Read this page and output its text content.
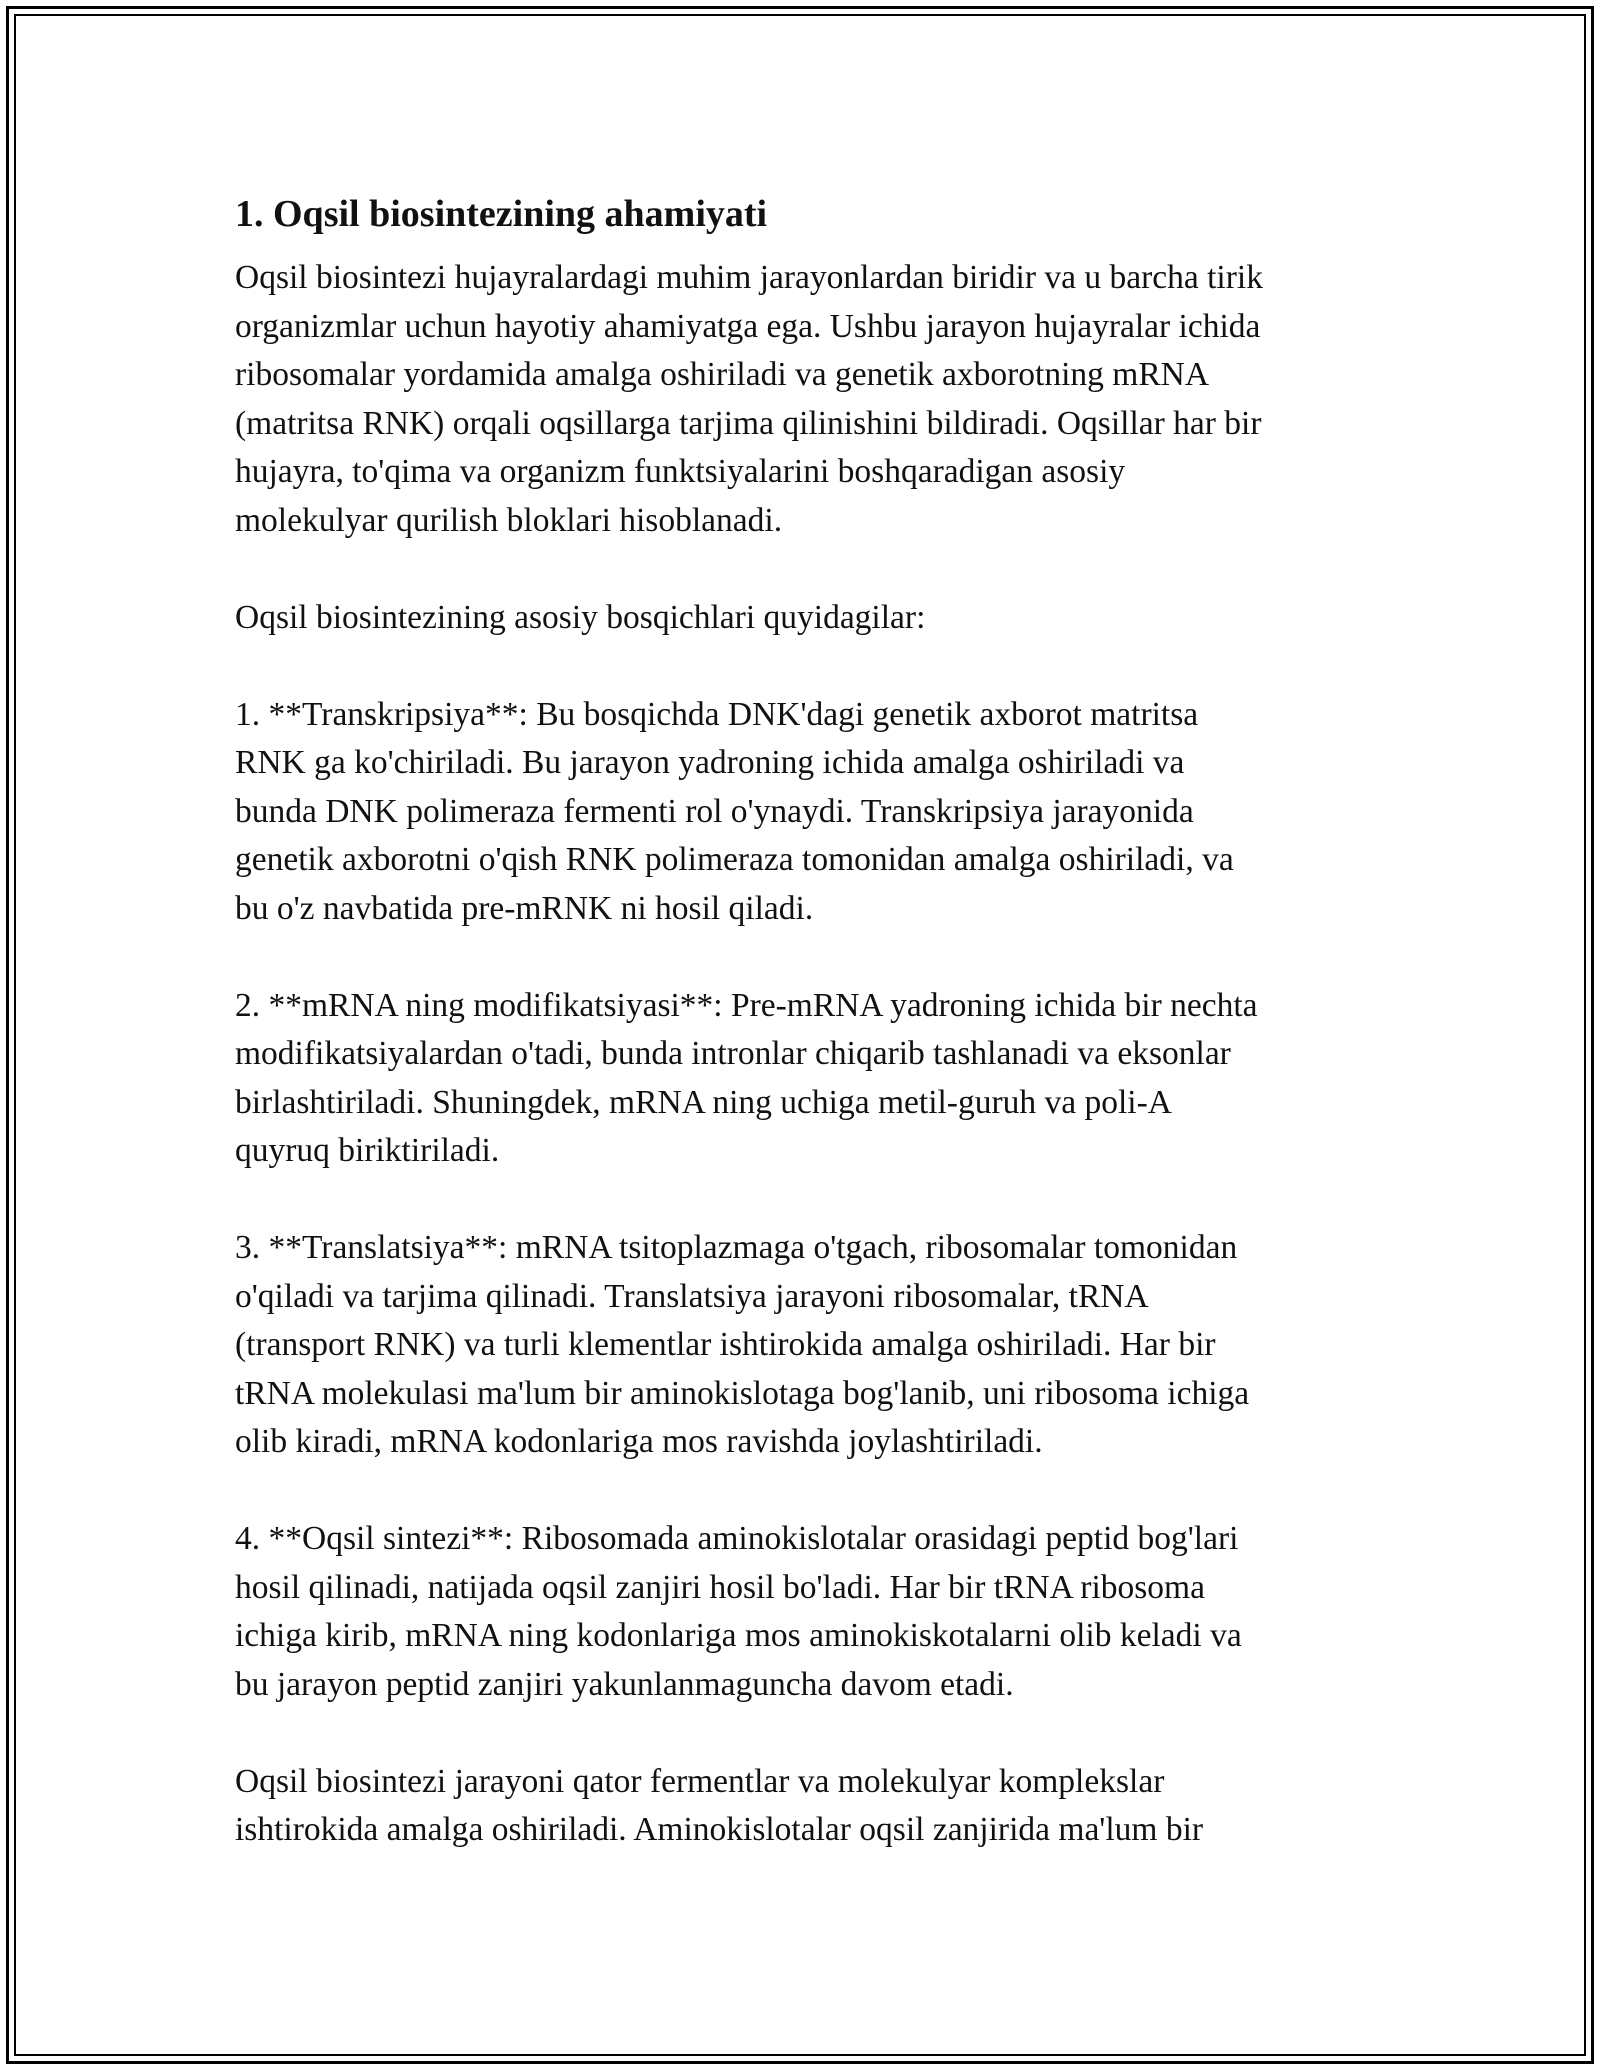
1. Oqsil biosintezining ahamiyati

Oqsil biosintezi hujayralardagi muhim jarayonlardan biridir va u barcha tirik
organizmlar uchun hayotiy ahamiyatga ega. Ushbu jarayon hujayralar ichida
ribosomalar yordamida amalga oshiriladi va genetik axborotning mRNA
(matritsa RNK) orqali oqsillarga tarjima qilinishini bildiradi. Oqsillar har bir
hujayra, to'qima va organizm funktsiyalarini boshqaradigan asosiy
molekulyar qurilish bloklari hisoblanadi.

Oqsil biosintezining asosiy bosqichlari quyidagilar:

1. **Transkripsiya**: Bu bosqichda DNK'dagi genetik axborot matritsa
RNK ga ko'chiriladi. Bu jarayon yadroning ichida amalga oshiriladi va
bunda DNK polimeraza fermenti rol o'ynaydi. Transkripsiya jarayonida
genetik axborotni o'qish RNK polimeraza tomonidan amalga oshiriladi, va
bu o'z navbatida pre-mRNK ni hosil qiladi.

2. **mRNA ning modifikatsiyasi**: Pre-mRNA yadroning ichida bir nechta
modifikatsiyalardan o'tadi, bunda intronlar chiqarib tashlanadi va eksonlar
birlashtiriladi. Shuningdek, mRNA ning uchiga metil-guruh va poli-A
quyruq biriktiriladi.

3. **Translatsiya**: mRNA tsitoplazmaga o'tgach, ribosomalar tomonidan
o'qiladi va tarjima qilinadi. Translatsiya jarayoni ribosomalar, tRNA
(transport RNK) va turli klementlar ishtirokida amalga oshiriladi. Har bir
tRNA molekulasi ma'lum bir aminokislotaga bog'lanib, uni ribosoma ichiga
olib kiradi, mRNA kodonlariga mos ravishda joylashtiriladi.

4. **Oqsil sintezi**: Ribosomada aminokislotalar orasidagi peptid bog'lari
hosil qilinadi, natijada oqsil zanjiri hosil bo'ladi. Har bir tRNA ribosoma
ichiga kirib, mRNA ning kodonlariga mos aminokiskotalarni olib keladi va
bu jarayon peptid zanjiri yakunlanmaguncha davom etadi.

Oqsil biosintezi jarayoni qator fermentlar va molekulyar komplekslar
ishtirokida amalga oshiriladi. Aminokislotalar oqsil zanjirida ma'lum bir
